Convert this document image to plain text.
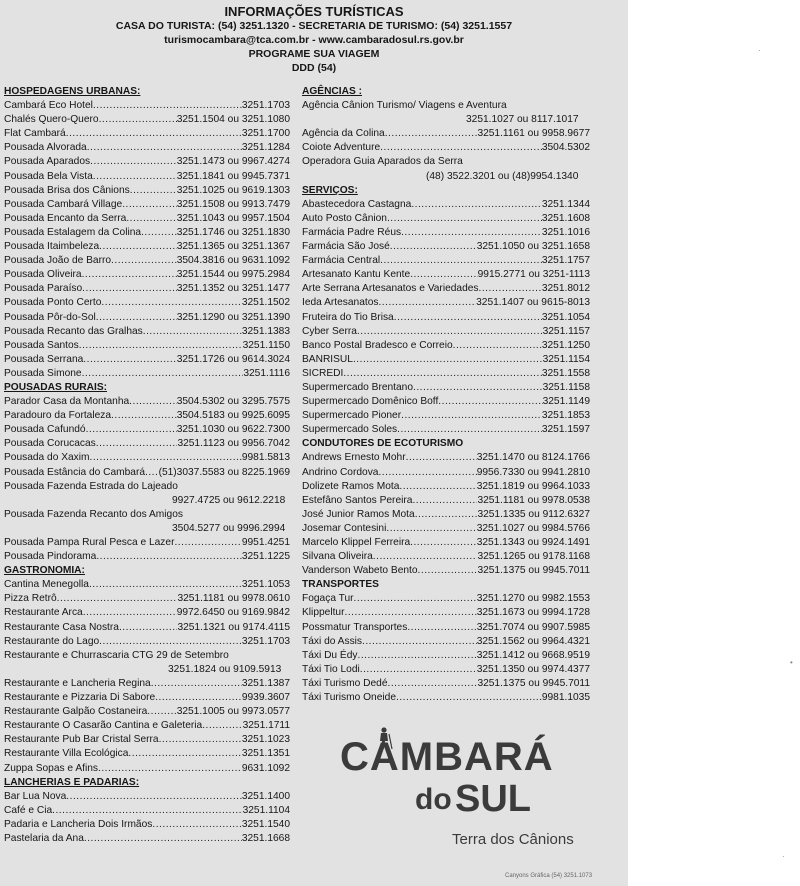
INFORMAÇÕES TURÍSTICAS
CASA DO TURISTA: (54) 3251.1320 - SECRETARIA DE TURISMO: (54) 3251.1557
turismocambara@tca.com.br - www.cambaradosul.rs.gov.br
PROGRAME SUA VIAGEM
DDD (54)
HOSPEDAGENS URBANAS:
Cambará Eco Hotel .....	3251.1703
Chalés Quero-Quero .....	3251.1504 ou 3251.1080
Flat Cambará .....	3251.1700
Pousada Alvorada .....	3251.1284
Pousada Aparados .....	3251.1473 ou 9967.4274
Pousada Bela Vista .....	3251.1841 ou 9945.7371
Pousada Brisa dos Cânions .....	3251.1025 ou 9619.1303
Pousada Cambará Village .....	3251.1508 ou 9913.7479
Pousada Encanto da Serra .....	3251.1043 ou 9957.1504
Pousada Estalagem da Colina .....	3251.1746 ou 3251.1830
Pousada Itaimbeleza .....	3251.1365 ou 3251.1367
Pousada João de Barro .....	3504.3816 ou 9631.1092
Pousada Oliveira .....	3251.1544 ou 9975.2984
Pousada Paraíso .....	3251.1352 ou 3251.1477
Pousada Ponto Certo .....	3251.1502
Pousada Pôr-do-Sol .....	3251.1290 ou 3251.1390
Pousada Recanto das Gralhas .....	3251.1383
Pousada Santos .....	3251.1150
Pousada Serrana .....	3251.1726 ou 9614.3024
Pousada Simone .....	3251.1116
POUSADAS RURAIS:
Parador Casa da Montanha .....	3504.5302 ou 3295.7575
Paradouro da Fortaleza .....	3504.5183 ou 9925.6095
Pousada Cafundó .....	3251.1030 ou 9622.7300
Pousada Corucacas .....	3251.1123 ou 9956.7042
Pousada do Xaxim .....	9981.5813
Pousada Estância do Cambará ..... (51)3037.5583 ou 8225.1969
Pousada Fazenda Estrada do Lajeado
9927.4725 ou 9612.2218
Pousada Fazenda Recanto dos Amigos
3504.5277 ou 9996.2994
Pousada Pampa Rural Pesca e Lazer .....	9951.4251
Pousada Pindorama .....	3251.1225
GASTRONOMIA:
Cantina Menegolla .....	3251.1053
Pizza Retrô .....	3251.1181 ou 9978.0610
Restaurante Arca .....	9972.6450 ou 9169.9842
Restaurante Casa Nostra .....	3251.1321 ou 9174.4115
Restaurante do Lago .....	3251.1703
Restaurante e Churrascaria CTG 29 de Setembro
3251.1824 ou 9109.5913
Restaurante e Lancheria Regina .....	3251.1387
Restaurante e Pizzaria Di Sabore .....	9939.3607
Restaurante Galpão Costaneira .....	3251.1005 ou 9973.0577
Restaurante O Casarão Cantina e Galeteria .....	3251.1711
Restaurante Pub Bar Cristal Serra .....	3251.1023
Restaurante Villa Ecológica .....	3251.1351
Zuppa Sopas e Afins .....	9631.1092
LANCHERIAS E PADARIAS:
Bar Lua Nova .....	3251.1400
Café e Cia .....	3251.1104
Padaria e Lancheria Dois Irmãos .....	3251.1540
Pastelaria da Ana .....	3251.1668
AGÊNCIAS :
Agência Cânion Turismo/ Viagens e Aventura
3251.1027 ou 8117.1017
Agência da Colina .....	3251.1161 ou 9958.9677
Coiote Adventure .....	3504.5302
Operadora Guia Aparados da Serra
(48) 3522.3201 ou (48)9954.1340
SERVIÇOS:
Abastecedora Castagna .....	3251.1344
Auto Posto Cânion .....	3251.1608
Farmácia Padre Réus .....	3251.1016
Farmácia São José .....	3251.1050 ou 3251.1658
Farmácia Central .....	3251.1757
Artesanato Kantu Kente .....	9915.2771 ou 3251-1113
Arte Serrana Artesanatos e Variedades .....	3251.8012
Ieda Artesanatos .....	3251.1407 ou 9615-8013
Fruteira do Tio Brisa .....	3251.1054
Cyber Serra .....	3251.1157
Banco Postal Bradesco e Correio .....	3251.1250
BANRISUL .....	3251.1154
SICREDI .....	3251.1558
Supermercado Brentano .....	3251.1158
Supermercado Domênico Boff .....	3251.1149
Supermercado Pioner .....	3251.1853
Supermercado Soles .....	3251.1597
CONDUTORES DE ECOTURISMO
Andrews Ernesto Mohr .....	3251.1470 ou 8124.1766
Andrino Cordova .....	9956.7330 ou 9941.2810
Dolizete Ramos Mota .....	3251.1819 ou 9964.1033
Estefâno Santos Pereira .....	3251.1181 ou 9978.0538
José Junior Ramos Mota .....	3251.1335 ou 9112.6327
Josemar Contesini .....	3251.1027 ou 9984.5766
Marcelo Klippel Ferreira .....	3251.1343 ou 9924.1491
Silvana Oliveira .....	3251.1265 ou 9178.1168
Vanderson Wabeto Bento .....	3251.1375 ou 9945.7011
TRANSPORTES
Fogaça Tur .....	3251.1270 ou 9982.1553
Klippeltur .....	3251.1673 ou 9994.1728
Possmatur Transportes .....	3251.7074 ou 9907.5985
Táxi do Assis .....	3251.1562 ou 9964.4321
Táxi Du Édy .....	3251.1412 ou 9668.9519
Táxi Tio Lodi .....	3251.1350 ou 9974.4377
Táxi Turismo Dedé .....	3251.1375 ou 9945.7011
Táxi Turismo Oneide .....	9981.1035
CAMBARÁ
do SUL
Terra dos Cânions
Canyons Gráfica (54) 3251.1073
·
•
·
